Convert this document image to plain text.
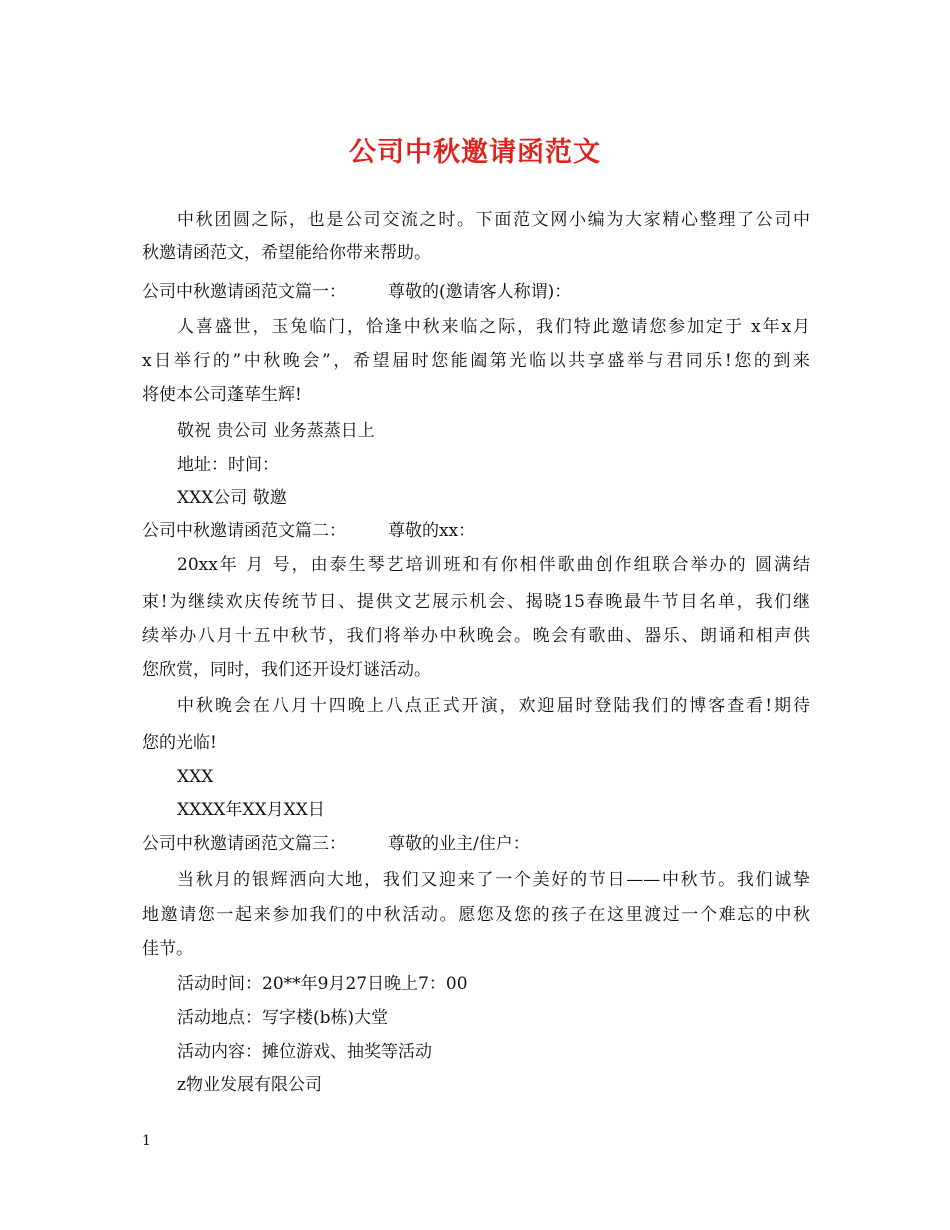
公司中秋邀请函范文
中秋团圆之际，也是公司交流之时。下面范文网小编为大家精心整理了公司中
秋邀请函范文，希望能给你带来帮助。
公司中秋邀请函范文篇一： 尊敬的(邀请客人称谓)：
人喜盛世，玉兔临门，恰逢中秋来临之际，我们特此邀请您参加定于 x年x月
x日举行的”中秋晚会”，希望届时您能阖第光临以共享盛举与君同乐!您的到来
将使本公司蓬荜生辉!
敬祝 贵公司 业务蒸蒸日上
地址：时间：
XXX公司 敬邀
公司中秋邀请函范文篇二： 尊敬的xx：
20xx年 月 号，由泰生琴艺培训班和有你相伴歌曲创作组联合举办的 圆满结
束!为继续欢庆传统节日、提供文艺展示机会、揭晓15春晚最牛节目名单，我们继
续举办八月十五中秋节，我们将举办中秋晚会。晚会有歌曲、器乐、朗诵和相声供
您欣赏，同时，我们还开设灯谜活动。
中秋晚会在八月十四晚上八点正式开演，欢迎届时登陆我们的博客查看!期待
您的光临!
XXX
XXXX年XX月XX日
公司中秋邀请函范文篇三： 尊敬的业主/住户：
当秋月的银辉洒向大地，我们又迎来了一个美好的节日——中秋节。我们诚挚
地邀请您一起来参加我们的中秋活动。愿您及您的孩子在这里渡过一个难忘的中秋
佳节。
活动时间：20**年9月27日晚上7：00
活动地点：写字楼(b栋)大堂
活动内容：摊位游戏、抽奖等活动
z物业发展有限公司
1
